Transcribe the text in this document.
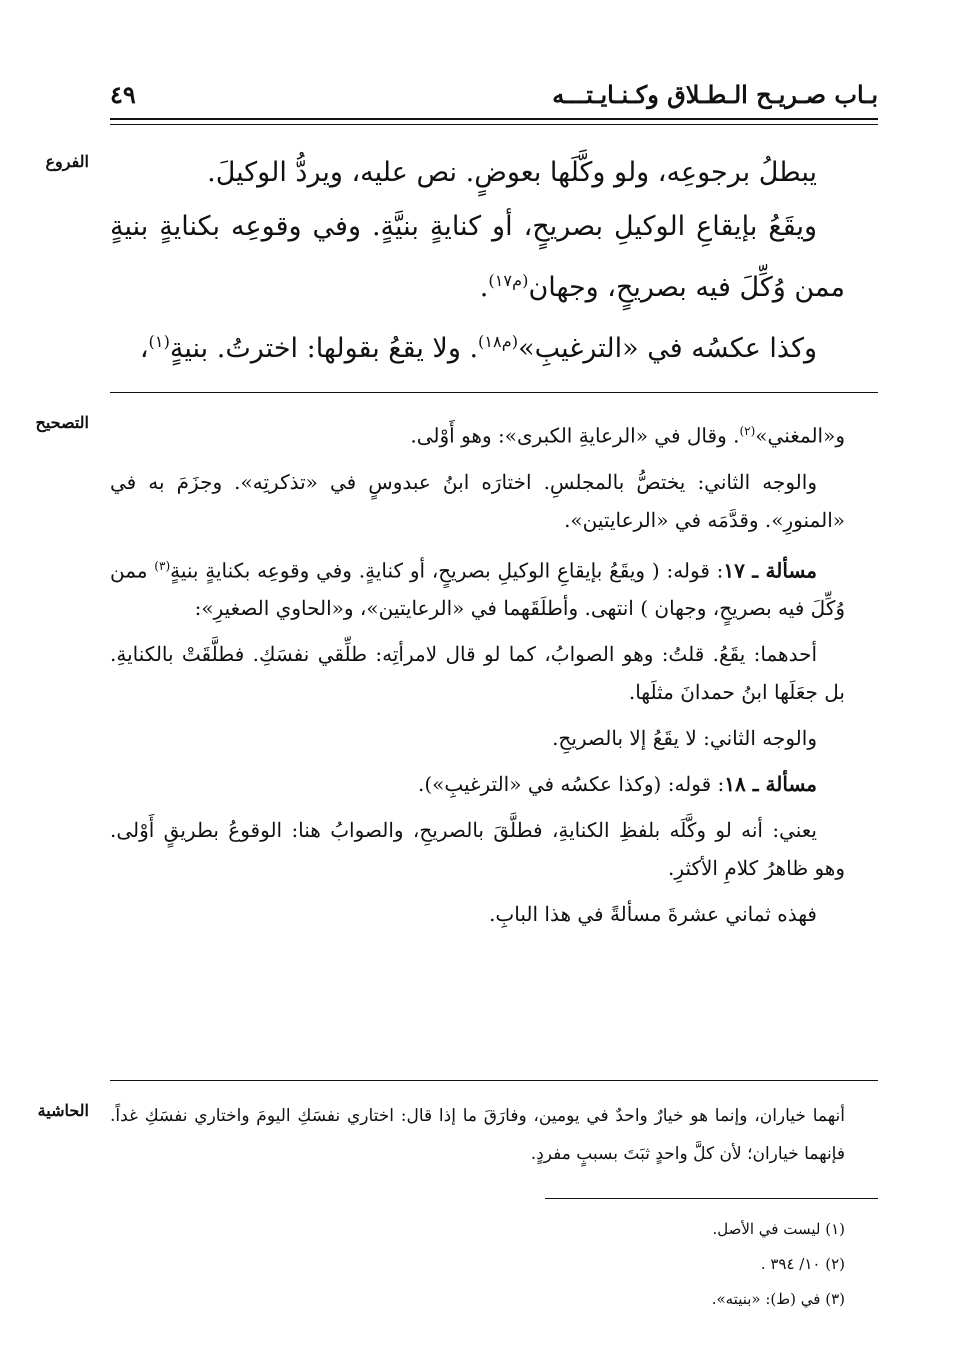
بـاب صـريـح الـطـلاق وكـنـايـتـــه
٤٩
الفروع
التصحيح
الحاشية

يبطلُ برجوعِه، ولو وكَّلَها بعوضٍ. نص عليه، ويردُّ الوكيلَ.

ويقَعُ بإيقاعِ الوكيلِ بصريحٍ، أو كنايةٍ بنيَّةٍ. وفي وقوعِه بكنايةٍ بنيةٍ ممن وُكِّلَ فيه بصريحٍ، وجهان$^{(م١٧)}$.

وكذا عكسُه في «الترغيبِ»$^{(م١٨)}$. ولا يقعُ بقولها: اخترتُ. بنيةٍ$^{(١)}$،

و«المغني»$^{(٢)}$. وقال في «الرعايةِ الكبرى»: وهو أَوْلى.

والوجه الثاني: يختصُّ بالمجلسِ. اختارَه ابنُ عبدوسٍ في «تذكرتِه». وجزَمَ به في «المنورِ». وقدَّمَه في «الرعايتين».

مسألة ـ ١٧: قوله: ( ويقَعُ بإيقاعِ الوكيلِ بصريحٍ، أو كنايةٍ. وفي وقوعِه بكنايةٍ بنيةٍ$^{(٣)}$ ممن وُكِّلَ فيه بصريحٍ، وجهان ) انتهى. وأطلَقَهما في «الرعايتين»، و«الحاوي الصغيرِ»:

أحدهما: يقَعُ. قلتُ: وهو الصوابُ، كما لو قال لامرأتِه: طلِّقي نفسَكِ. فطلَّقَتْ بالكنايةِ. بل جعَلَها ابنُ حمدانَ مثلَها.

والوجه الثاني: لا يقَعُ إلا بالصريحِ.

مسألة ـ ١٨: قوله: (وكذا عكسُه في «الترغيبِ»).

يعني: أنه لو وكَّلَه بلفظِ الكنايةِ، فطلَّقَ بالصريحِ، والصوابُ هنا: الوقوعُ بطريقٍ أَوْلى. وهو ظاهرُ كلامِ الأكثرِ.

فهذه ثماني عشرةَ مسألةً في هذا البابِ.

أنهما خياران، وإنما هو خيارٌ واحدٌ في يومين، وفارَقَ ما إذا قال: اختاري نفسَكِ اليومَ واختاري نفسَكِ غداً. فإنهما خياران؛ لأن كلَّ واحدٍ ثبَتَ بسببٍ مفردٍ.

(١) ليست في الأصل.

(٢) ١٠/ ٣٩٤ .

(٣) في (ط): «بنيته».
